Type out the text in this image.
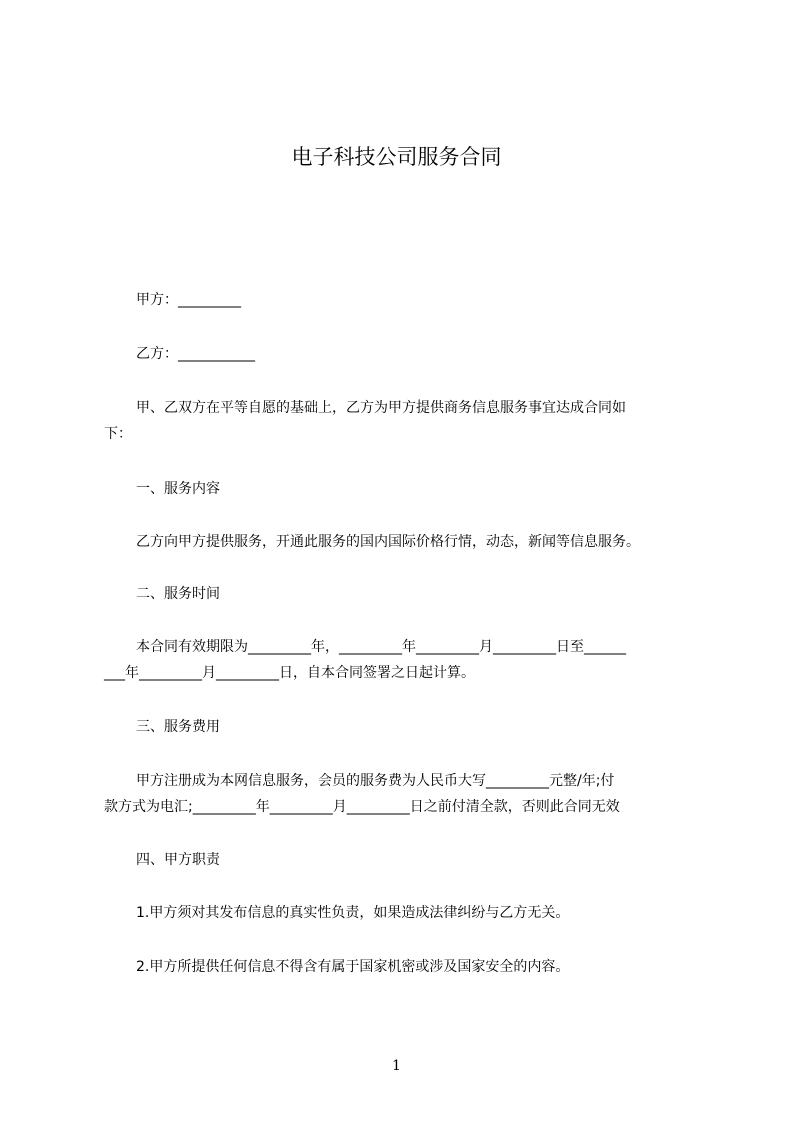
电子科技公司服务合同

甲方：_________

乙方：___________

甲、乙双方在平等自愿的基础上，乙方为甲方提供商务信息服务事宜达成合同如

下：

一、服务内容

乙方向甲方提供服务，开通此服务的国内国际价格行情，动态，新闻等信息服务。

二、服务时间

本合同有效期限为_________年，_________年_________月_________日至______

___年_________月_________日，自本合同签署之日起计算。

三、服务费用

甲方注册成为本网信息服务，会员的服务费为人民币大写_________元整/年;付

款方式为电汇;_________年_________月_________日之前付清全款，否则此合同无效

四、甲方职责

1.甲方须对其发布信息的真实性负责，如果造成法律纠纷与乙方无关。

2.甲方所提供任何信息不得含有属于国家机密或涉及国家安全的内容。

1
